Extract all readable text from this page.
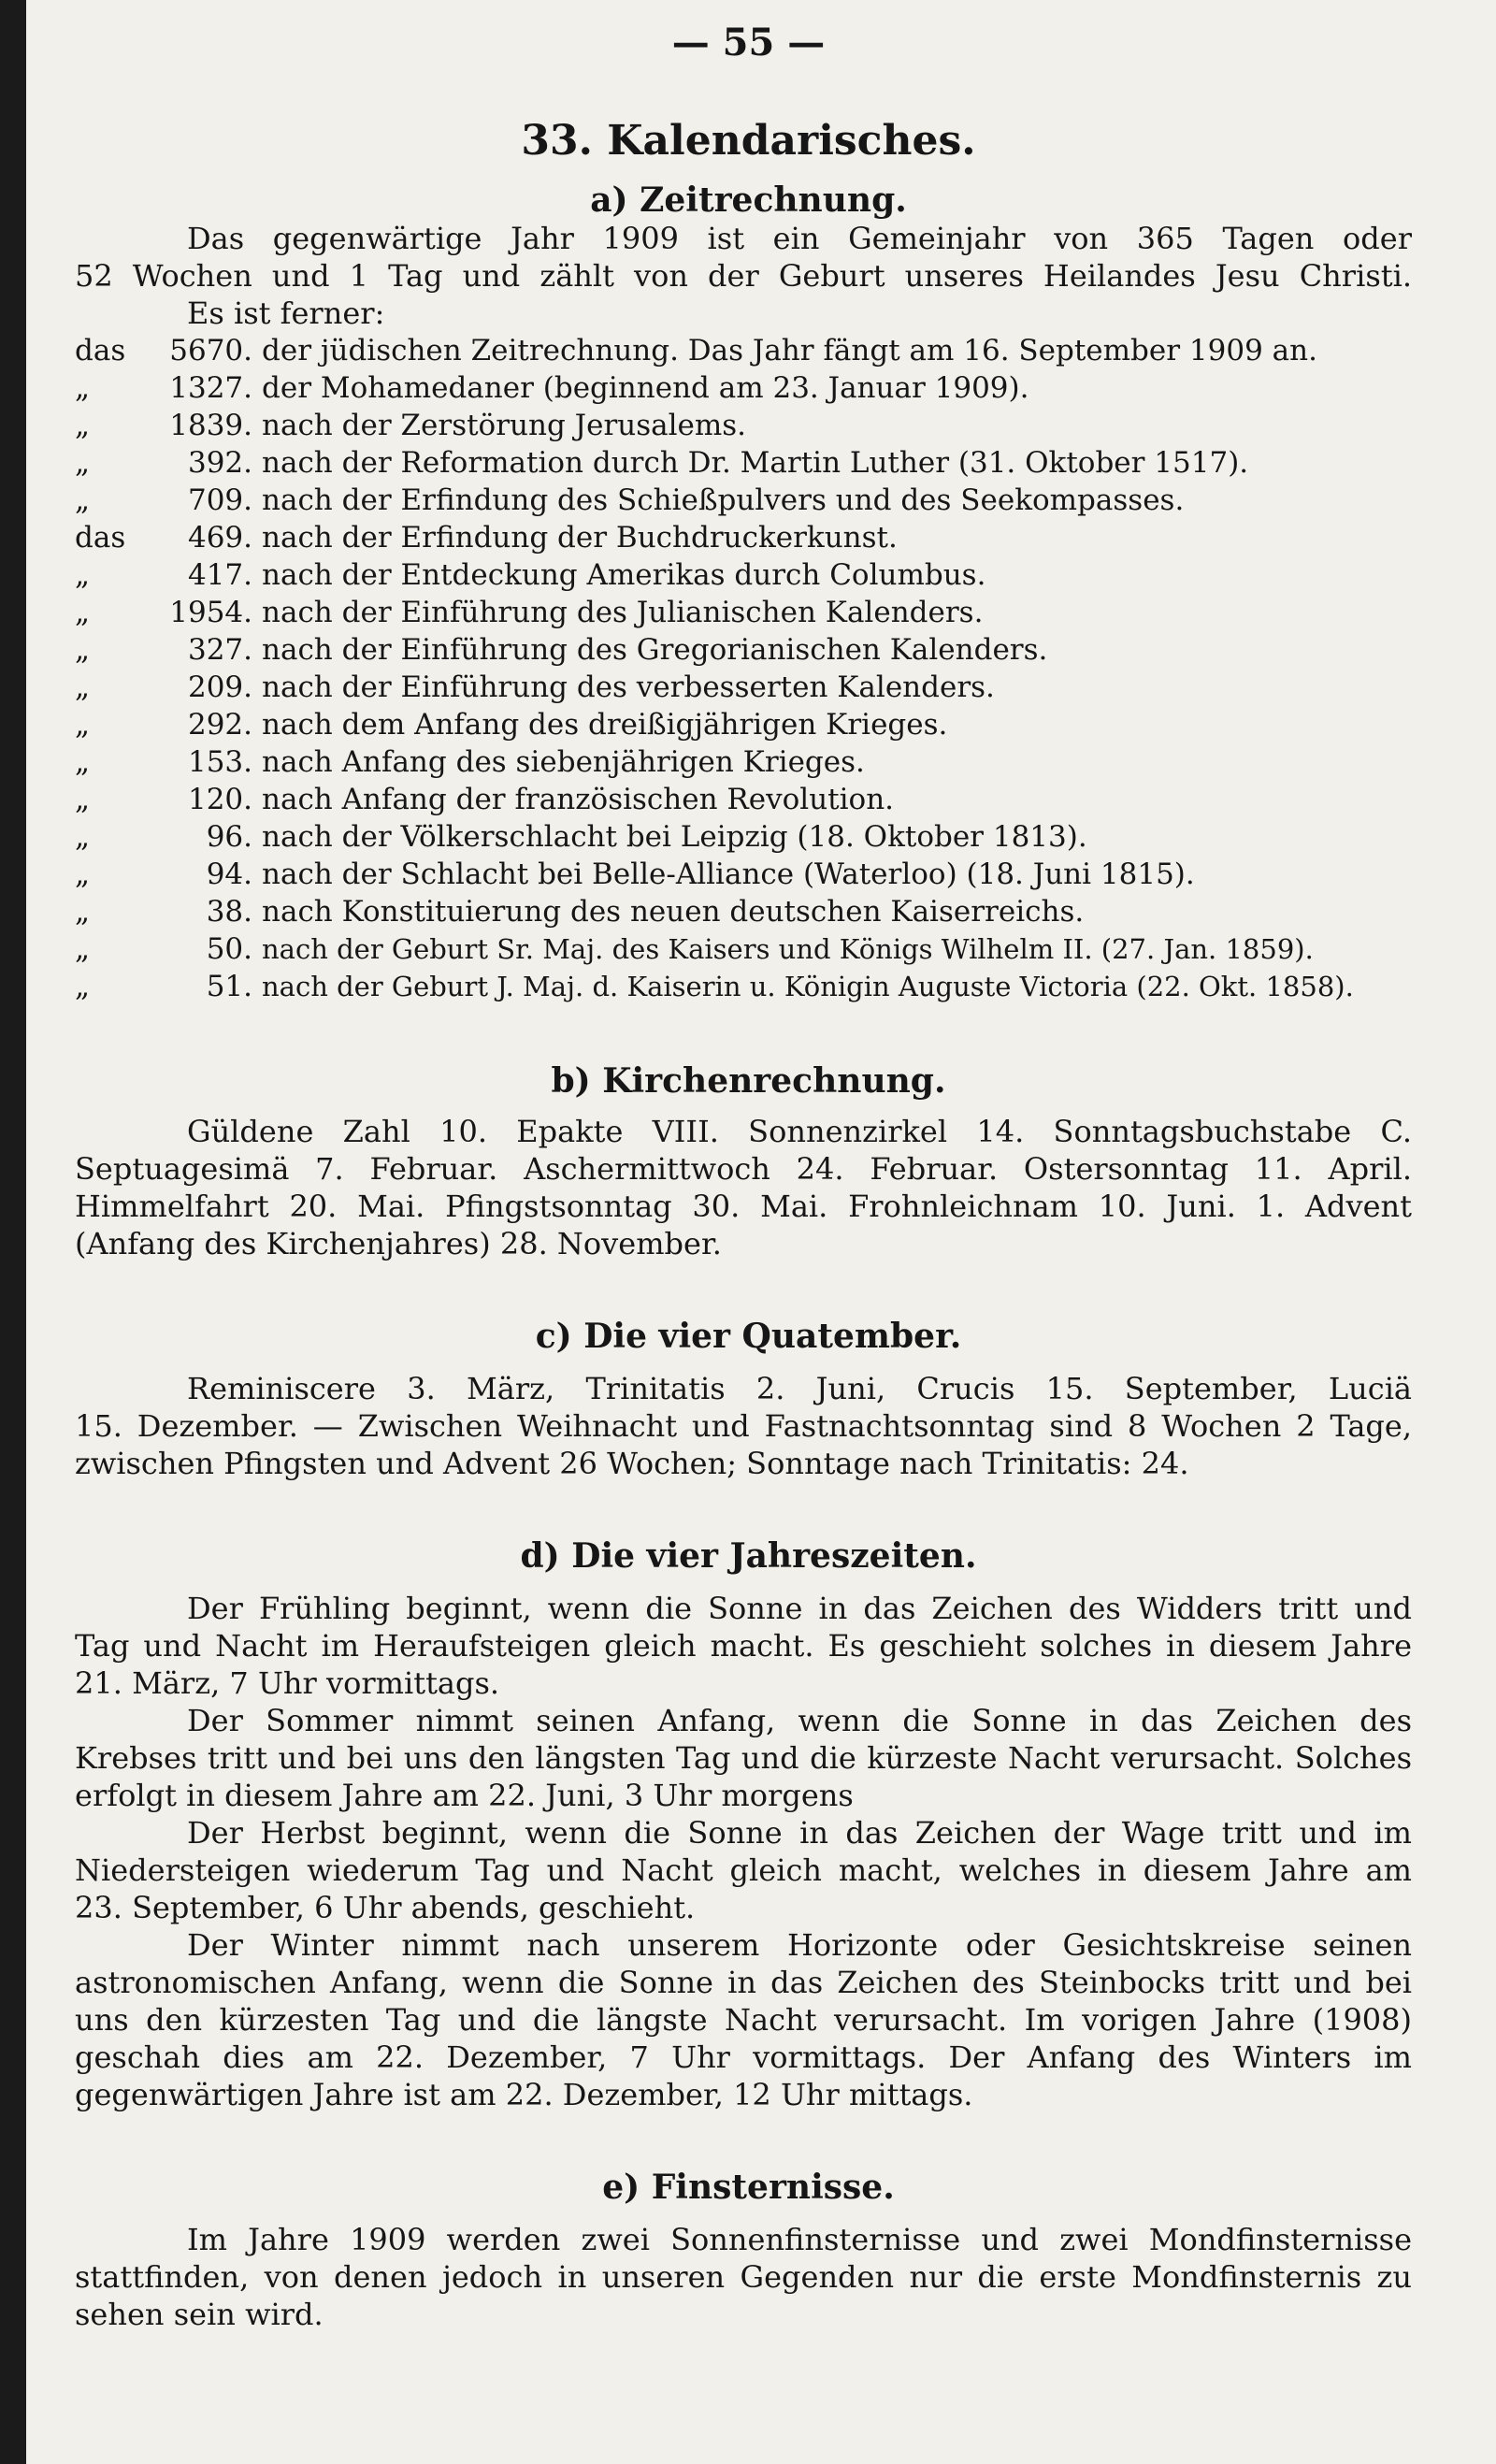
— 55 —
33. Kalendarisches.
a) Zeitrechnung.
Das gegenwärtige Jahr 1909 ist ein Gemeinjahr von 365 Tagen oder
52 Wochen und 1 Tag und zählt von der Geburt unseres Heilandes Jesu Christi.
Es ist ferner:
das	5670. der jüdischen Zeitrechnung. Das Jahr fängt am 16. September 1909 an.
„	1327. der Mohamedaner (beginnend am 23. Januar 1909).
„	1839. nach der Zerstörung Jerusalems.
„	392. nach der Reformation durch Dr. Martin Luther (31. Oktober 1517).
„	709. nach der Erfindung des Schießpulvers und des Seekompasses.
das	469. nach der Erfindung der Buchdruckerkunst.
„	417. nach der Entdeckung Amerikas durch Columbus.
„	1954. nach der Einführung des Julianischen Kalenders.
„	327. nach der Einführung des Gregorianischen Kalenders.
„	209. nach der Einführung des verbesserten Kalenders.
„	292. nach dem Anfang des dreißigjährigen Krieges.
„	153. nach Anfang des siebenjährigen Krieges.
„	120. nach Anfang der französischen Revolution.
„	96. nach der Völkerschlacht bei Leipzig (18. Oktober 1813).
„	94. nach der Schlacht bei Belle-Alliance (Waterloo) (18. Juni 1815).
„	38. nach Konstituierung des neuen deutschen Kaiserreichs.
„	50. nach der Geburt Sr. Maj. des Kaisers und Königs Wilhelm II. (27. Jan. 1859).
„	51. nach der Geburt J. Maj. d. Kaiserin u. Königin Auguste Victoria (22. Okt. 1858).
b) Kirchenrechnung.
Güldene Zahl 10. Epakte VIII. Sonnenzirkel 14. Sonntagsbuchstabe C.
Septuagesimä 7. Februar. Aschermittwoch 24. Februar. Ostersonntag 11. April.
Himmelfahrt 20. Mai. Pfingstsonntag 30. Mai. Frohnleichnam 10. Juni. 1. Advent
(Anfang des Kirchenjahres) 28. November.
c) Die vier Quatember.
Reminiscere 3. März, Trinitatis 2. Juni, Crucis 15. September, Luciä
15. Dezember. — Zwischen Weihnacht und Fastnachtsonntag sind 8 Wochen 2 Tage,
zwischen Pfingsten und Advent 26 Wochen; Sonntage nach Trinitatis: 24.
d) Die vier Jahreszeiten.
Der Frühling beginnt, wenn die Sonne in das Zeichen des Widders tritt und
Tag und Nacht im Heraufsteigen gleich macht. Es geschieht solches in diesem Jahre
21. März, 7 Uhr vormittags.
Der Sommer nimmt seinen Anfang, wenn die Sonne in das Zeichen des
Krebses tritt und bei uns den längsten Tag und die kürzeste Nacht verursacht. Solches
erfolgt in diesem Jahre am 22. Juni, 3 Uhr morgens
Der Herbst beginnt, wenn die Sonne in das Zeichen der Wage tritt und im
Niedersteigen wiederum Tag und Nacht gleich macht, welches in diesem Jahre am
23. September, 6 Uhr abends, geschieht.
Der Winter nimmt nach unserem Horizonte oder Gesichtskreise seinen
astronomischen Anfang, wenn die Sonne in das Zeichen des Steinbocks tritt und bei
uns den kürzesten Tag und die längste Nacht verursacht. Im vorigen Jahre (1908)
geschah dies am 22. Dezember, 7 Uhr vormittags. Der Anfang des Winters im
gegenwärtigen Jahre ist am 22. Dezember, 12 Uhr mittags.
e) Finsternisse.
Im Jahre 1909 werden zwei Sonnenfinsternisse und zwei Mondfinsternisse
stattfinden, von denen jedoch in unseren Gegenden nur die erste Mondfinsternis zu
sehen sein wird.
